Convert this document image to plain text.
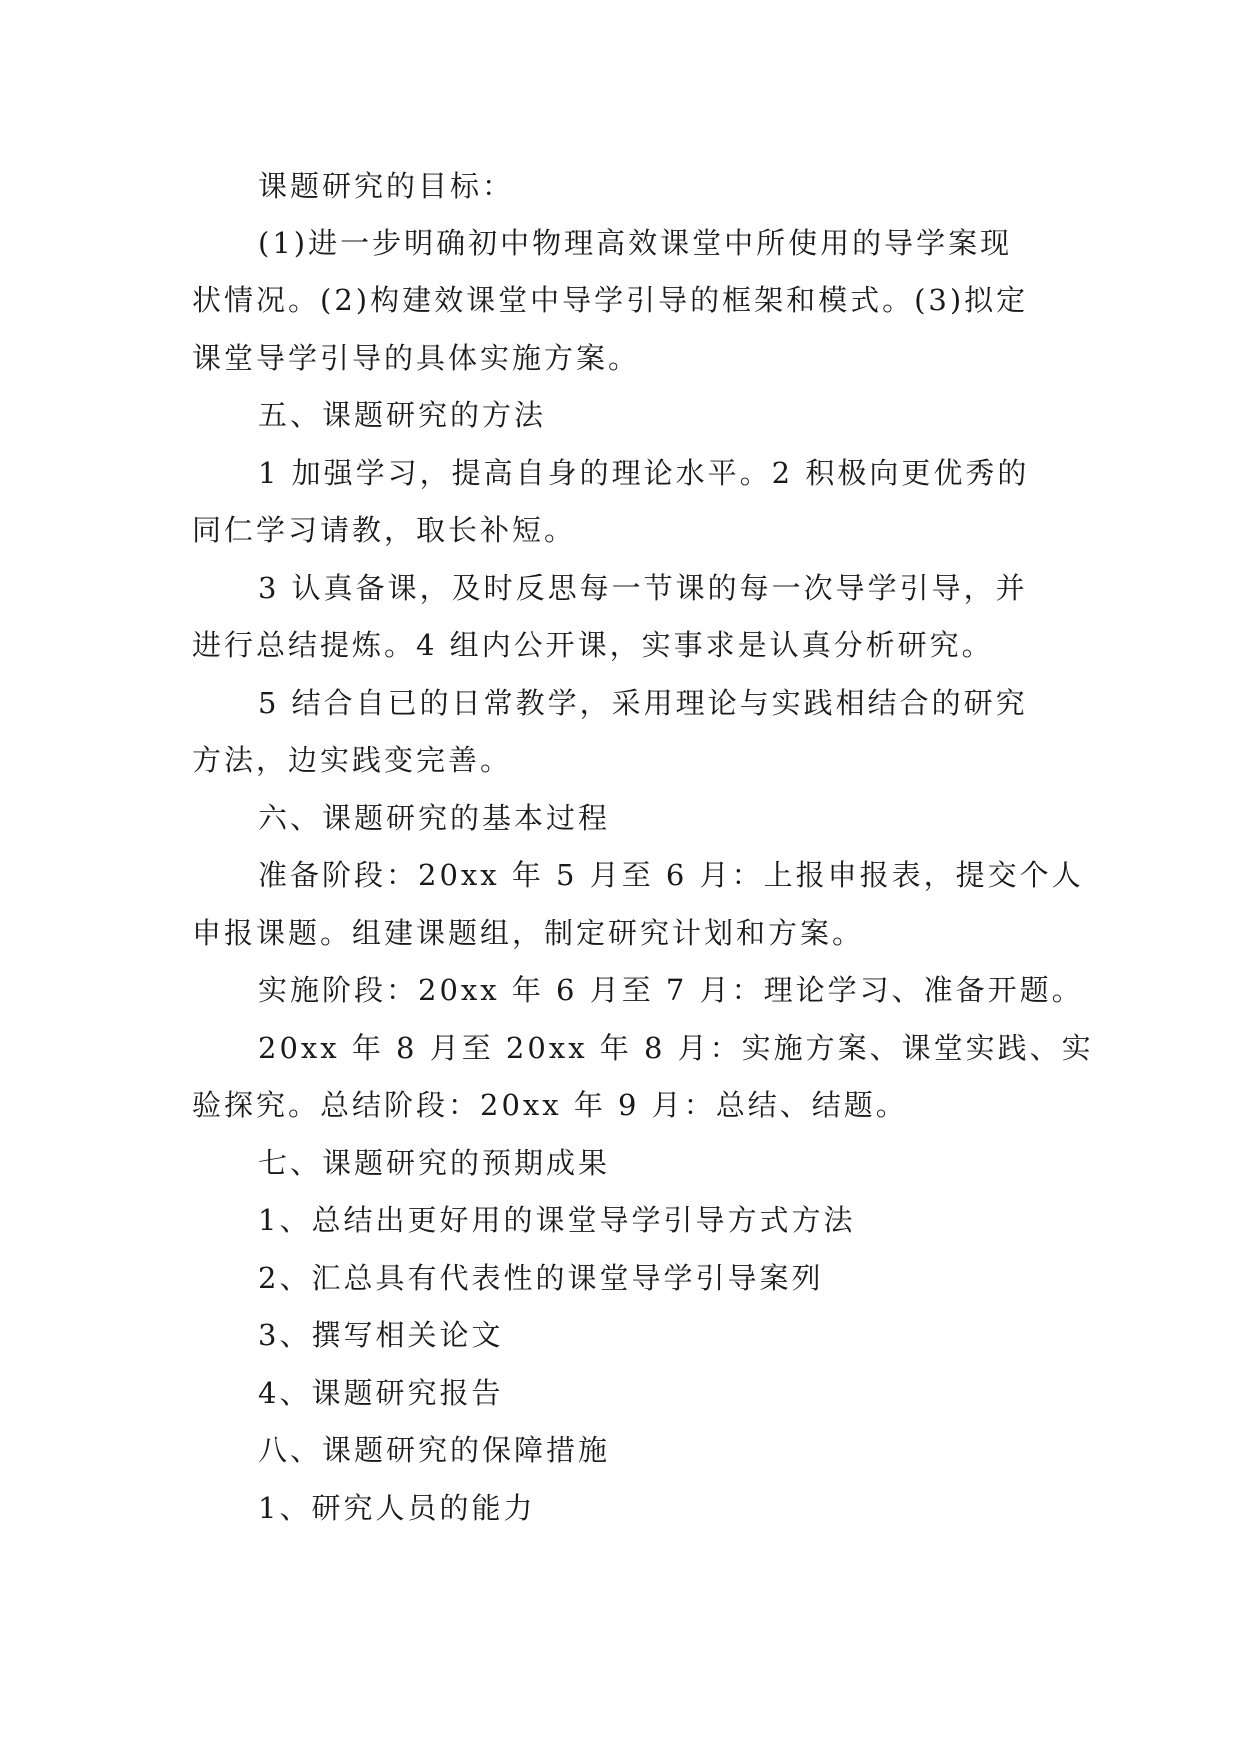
课题研究的目标：

(1)进一步明确初中物理高效课堂中所使用的导学案现

状情况。(2)构建效课堂中导学引导的框架和模式。(3)拟定

课堂导学引导的具体实施方案。

五、课题研究的方法

1 加强学习，提高自身的理论水平。2 积极向更优秀的

同仁学习请教，取长补短。

3 认真备课，及时反思每一节课的每一次导学引导，并

进行总结提炼。4 组内公开课，实事求是认真分析研究。

5 结合自已的日常教学，采用理论与实践相结合的研究

方法，边实践变完善。

六、课题研究的基本过程

准备阶段：20xx 年 5 月至 6 月：上报申报表，提交个人

申报课题。组建课题组，制定研究计划和方案。

实施阶段：20xx 年 6 月至 7 月：理论学习、准备开题。

20xx 年 8 月至 20xx 年 8 月：实施方案、课堂实践、实

验探究。总结阶段：20xx 年 9 月：总结、结题。

七、课题研究的预期成果

1、总结出更好用的课堂导学引导方式方法

2、汇总具有代表性的课堂导学引导案列

3、撰写相关论文

4、课题研究报告

八、课题研究的保障措施

1、研究人员的能力
